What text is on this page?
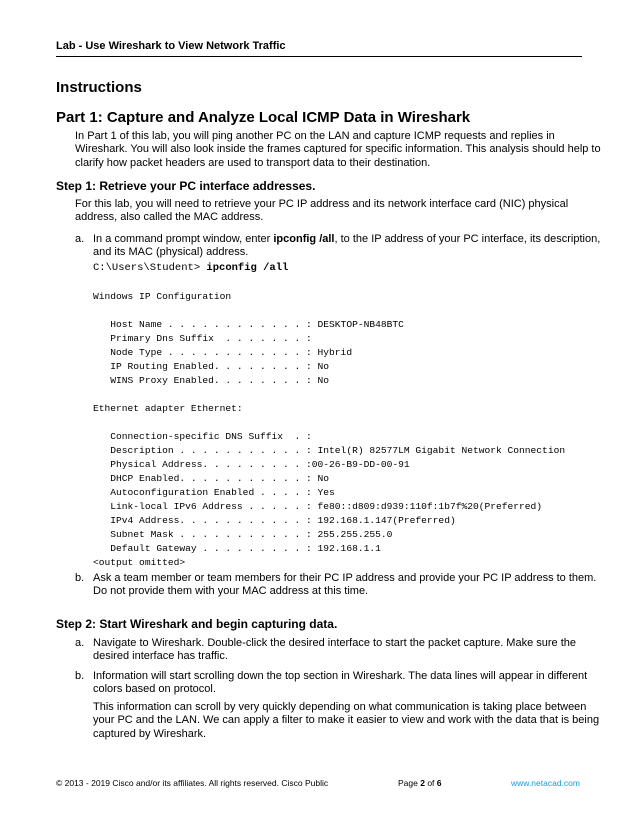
Lab - Use Wireshark to View Network Traffic
Instructions
Part 1: Capture and Analyze Local ICMP Data in Wireshark
In Part 1 of this lab, you will ping another PC on the LAN and capture ICMP requests and replies in
Wireshark. You will also look inside the frames captured for specific information. This analysis should help to
clarify how packet headers are used to transport data to their destination.
Step 1: Retrieve your PC interface addresses.
For this lab, you will need to retrieve your PC IP address and its network interface card (NIC) physical
address, also called the MAC address.
a. In a command prompt window, enter ipconfig /all, to the IP address of your PC interface, its description,
and its MAC (physical) address.
C:\Users\Student> ipconfig /all
Windows IP Configuration

Host Name . . . . . . . . . . . . : DESKTOP-NB48BTC
Primary Dns Suffix  . . . . . . . :
Node Type . . . . . . . . . . . . : Hybrid
IP Routing Enabled. . . . . . . . : No
WINS Proxy Enabled. . . . . . . . : No

Ethernet adapter Ethernet:

Connection-specific DNS Suffix  . :
Description . . . . . . . . . . . : Intel(R) 82577LM Gigabit Network Connection
Physical Address. . . . . . . . . :00-26-B9-DD-00-91
DHCP Enabled. . . . . . . . . . . : No
Autoconfiguration Enabled . . . . : Yes
Link-local IPv6 Address . . . . . : fe80::d809:d939:110f:1b7f%20(Preferred)
IPv4 Address. . . . . . . . . . . : 192.168.1.147(Preferred)
Subnet Mask . . . . . . . . . . . : 255.255.255.0
Default Gateway . . . . . . . . . : 192.168.1.1
<output omitted>
b. Ask a team member or team members for their PC IP address and provide your PC IP address to them.
Do not provide them with your MAC address at this time.
Step 2: Start Wireshark and begin capturing data.
a. Navigate to Wireshark. Double-click the desired interface to start the packet capture. Make sure the
desired interface has traffic.
b. Information will start scrolling down the top section in Wireshark. The data lines will appear in different
colors based on protocol.
This information can scroll by very quickly depending on what communication is taking place between
your PC and the LAN. We can apply a filter to make it easier to view and work with the data that is being
captured by Wireshark.
© 2013 - 2019 Cisco and/or its affiliates. All rights reserved. Cisco Public	Page 2 of 6	www.netacad.com
